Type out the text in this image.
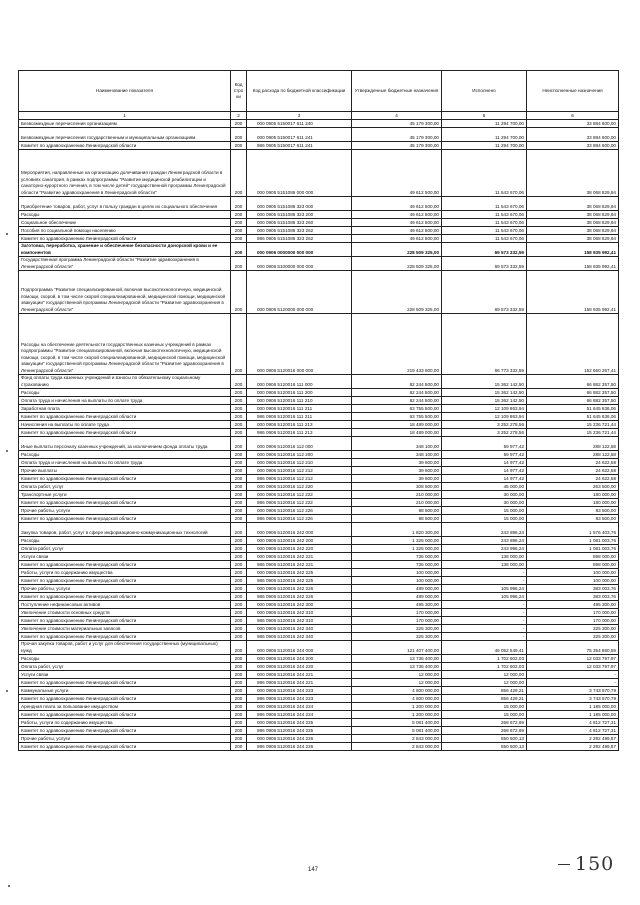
Наименование показателя	Код стро ки	Код расхода по бюджетной классификации	Утвержденные бюджетные назначения	Исполнено	Неисполненные назначения
1	2	3	4	5	6
Безвозмездные перечисления организациям	200	000 0905 5150017 611 240	45 179 300,00	11 294 700,00	33 884 600,00
Безвозмездные перечисления государственным и муниципальным организациям	200	000 0905 5150017 611 241	45 179 300,00	11 294 700,00	33 884 600,00
Комитет по здравоохранению Ленинградской области	200	986 0905 5150017 611 241	45 179 300,00	11 294 700,00	33 884 600,00
Мероприятия, направленные на организацию долечивания граждан Ленинградской области в условиях санатория, в рамках подпрограммы "Развитие медицинской реабилитации и санаторно-курортного лечения, в том числе детей" государственной программы Ленинградской области "Развитие здравоохранения в Ленинградской области"	200	000 0905 5151086 000 000	49 612 500,00	11 543 670,06	38 068 829,94
Приобретение товаров, работ, услуг в пользу граждан в целях их социального обеспечения	200	000 0905 5151086 323 000	49 612 500,00	11 543 670,06	38 068 829,94
Расходы	200	000 0905 5151086 323 200	49 612 500,00	11 543 670,06	38 068 829,94
Социальное обеспечение	200	000 0905 5151086 323 260	49 612 500,00	11 543 670,06	38 068 829,94
Пособия по социальной помощи населению	200	000 0905 5151086 323 262	49 612 500,00	11 543 670,06	38 068 829,94
Комитет по здравоохранению Ленинградской области	200	986 0905 5151086 323 262	49 612 500,00	11 543 670,06	38 068 829,94
Заготовка, переработка, хранение и обеспечение безопасности донорской крови и ее компонентов	200	000 0906 0000000 000 000	228 509 325,00	69 573 332,59	158 935 992,41
Государственная программа Ленинградской области "Развитие здравоохранения в Ленинградской области"	200	000 0906 5100000 000 000	228 509 325,00	69 573 332,59	158 935 992,41
Подпрограмма "Развитие специализированной, включая высокотехнологичную, медицинской помощи, скорой, в том числе скорой специализированной, медицинской помощи, медицинской эвакуации" государственной программы Ленинградской области "Развитие здравоохранения в Ленинградской области"	200	000 0906 5120000 000 000	228 509 325,00	69 573 332,59	158 935 992,41
Расходы на обеспечение деятельности государственных казенных учреждений в рамках подпрограммы "Развитие специализированной, включая высокотехнологичную, медицинской помощи, скорой, в том числе скорой специализированной, медицинской помощи, медицинской эвакуации" государственной программы Ленинградской области "Развитие здравоохранения в Ленинградской области"	200	000 0906 5120016 000 000	219 433 600,00	66 773 332,59	152 660 267,41
Фонд оплаты труда казенных учреждений и взносы по обязательному социальному страхованию	200	000 0906 5120016 111 000	82 244 500,00	15 362 142,50	66 882 357,50
Расходы	200	000 0906 5120016 111 200	82 244 500,00	15 362 142,50	66 882 357,50
Оплата труда и начисления на выплаты по оплате труда	200	000 0906 5120016 111 210	82 244 500,00	15 362 142,50	66 882 357,50
Заработная плата	200	000 0906 5120016 111 211	63 755 500,00	12 109 863,94	51 645 636,06
Комитет по здравоохранению Ленинградской области	200	986 0906 5120016 111 211	63 755 500,00	12 109 863,94	51 645 636,06
Начисления на выплаты по оплате труда	200	000 0906 5120016 111 213	18 489 000,00	3 252 278,56	15 236 721,44
Комитет по здравоохранению Ленинградской области	200	986 0906 5120016 111 213	18 489 000,00	3 252 278,56	15 236 721,44
Иные выплаты персоналу казенных учреждений, за исключением фонда оплаты труда	200	000 0906 5120016 112 000	348 100,00	59 977,42	288 122,58
Расходы	200	000 0906 5120016 112 200	348 100,00	59 977,42	288 122,58
Оплата труда и начисления на выплаты по оплате труда	200	000 0906 5120016 112 210	39 600,00	14 977,42	24 622,58
Прочие выплаты	200	000 0906 5120016 112 212	39 600,00	14 977,42	24 622,58
Комитет по здравоохранению Ленинградской области	200	986 0906 5120016 112 212	39 600,00	14 977,42	24 622,58
Оплата работ, услуг	200	000 0906 5120016 112 220	308 500,00	45 000,00	263 500,00
Транспортные услуги	200	000 0906 5120016 112 222	210 000,00	30 000,00	180 000,00
Комитет по здравоохранению Ленинградской области	200	986 0906 5120016 112 222	210 000,00	30 000,00	180 000,00
Прочие работы, услуги	200	000 0906 5120016 112 226	98 500,00	15 000,00	83 500,00
Комитет по здравоохранению Ленинградской области	200	986 0906 5120016 112 226	98 500,00	15 000,00	83 500,00
Закупка товаров, работ, услуг в сфере информационно-коммуникационных технологий	200	000 0906 5120016 242 000	1 820 300,00	243 896,24	1 576 403,76
Расходы	200	000 0906 5120016 242 200	1 325 000,00	243 896,24	1 081 003,76
Оплата работ, услуг	200	000 0906 5120016 242 220	1 325 000,00	243 996,24	1 081 003,76
Услуги связи	200	000 0906 5120016 242 221	736 000,00	138 000,00	598 000,00
Комитет по здравоохранению Ленинградской области	200	986 0906 5120016 242 221	736 000,00	138 000,00	598 000,00
Работы, услуги по содержанию имущества	200	000 0906 5120016 242 225	100 000,00	-	100 000,00
Комитет по здравоохранению Ленинградской области	200	986 0906 5120016 242 225	100 000,00	-	100 000,00
Прочие работы, услуги	200	000 0906 5120016 242 226	489 000,00	105 996,24	383 003,76
Комитет по здравоохранению Ленинградской области	200	986 0906 5120016 242 226	489 000,00	105 996,24	383 003,76
Поступление нефинансовых активов	200	000 0906 5120016 242 300	495 300,00	-	495 300,00
Увеличение стоимости основных средств	200	000 0906 5120016 242 310	170 000,00	-	170 000,00
Комитет по здравоохранению Ленинградской области	200	986 0906 5120016 242 310	170 000,00	-	170 000,00
Увеличение стоимости материальных запасов	200	000 0906 5120016 242 340	325 300,00	-	325 300,00
Комитет по здравоохранению Ленинградской области	200	986 0906 5120016 242 340	325 300,00	-	325 300,00
Прочая закупка товаров, работ и услуг для обеспечения государственных (муниципальных) нужд	200	000 0906 5120016 244 000	121 407 400,00	46 052 549,41	75 354 850,59
Расходы	200	000 0906 5120016 244 200	13 736 400,00	1 702 602,03	12 033 797,97
Оплата работ, услуг	200	000 0906 5120016 244 220	13 736 400,00	1 702 602,03	12 033 797,97
Услуги связи	200	000 0906 5120016 244 221	12 000,00	12 000,00	-
Комитет по здравоохранению Ленинградской области	200	986 0906 5120016 244 221	12 000,00	12 000,00	-
Коммунальные услуги	200	000 0906 5120016 244 223	4 600 000,00	856 429,21	3 743 570,79
Комитет по здравоохранению Ленинградской области	200	986 0906 5120016 244 223	4 600 000,00	856 429,21	3 743 570,79
Арендная плата за пользование имуществом	200	000 0906 5120016 244 224	1 200 000,00	15 000,00	1 185 000,00
Комитет по здравоохранению Ленинградской области	200	986 0906 5120016 244 224	1 200 000,00	15 000,00	1 185 000,00
Работы, услуги по содержанию имущества	200	000 0906 5120016 244 225	5 081 400,00	268 672,69	4 812 727,31
Комитет по здравоохранению Ленинградской области	200	986 0906 5120016 244 225	5 081 400,00	268 672,69	4 812 727,31
Прочие работы, услуги	200	000 0906 5120016 244 226	2 843 000,00	550 500,13	2 292 499,87
Комитет по здравоохранению Ленинградской области	200	986 0906 5120016 244 226	2 843 000,00	550 500,13	2 292 499,87
147	150
